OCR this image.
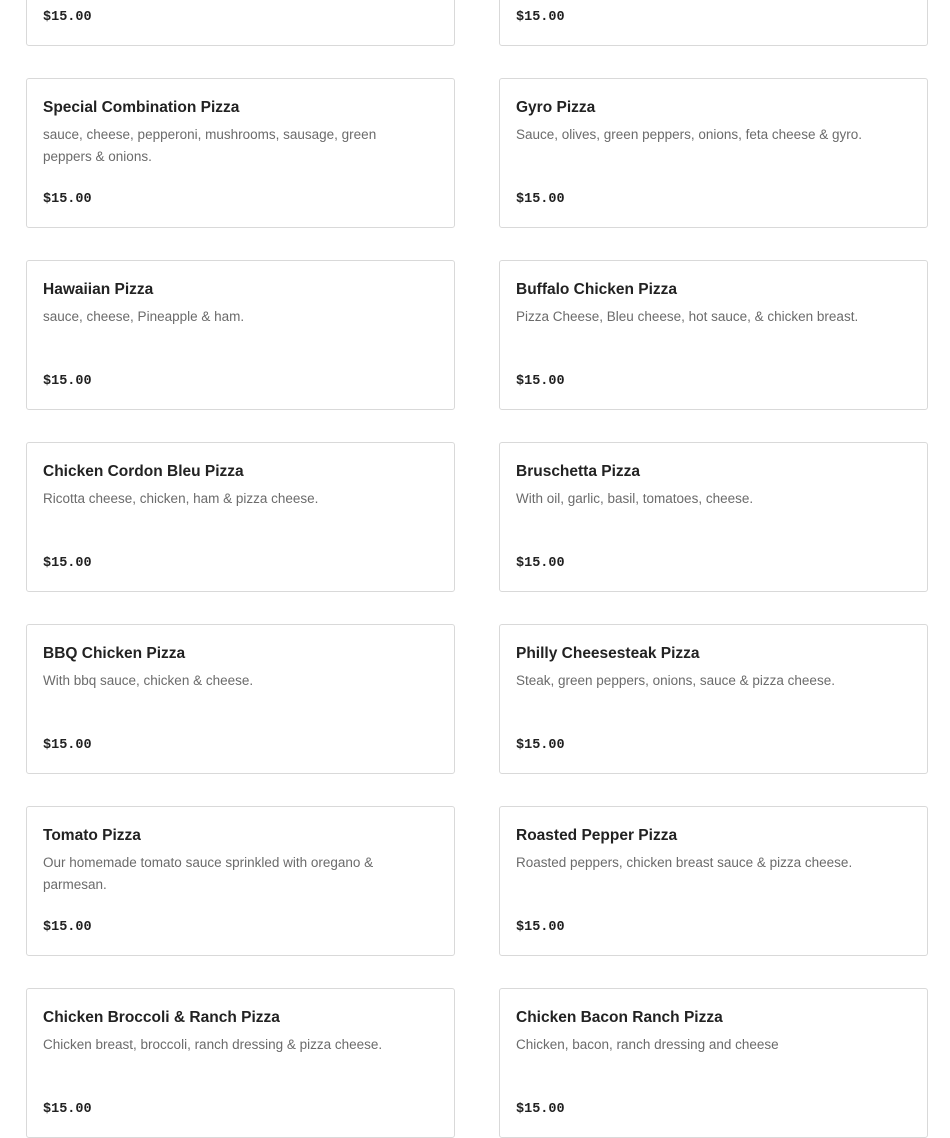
$15.00	$15.00
Special Combination Pizza
sauce, cheese, pepperoni, mushrooms, sausage, green peppers & onions.
$15.00
Gyro Pizza
Sauce, olives, green peppers, onions, feta cheese & gyro.
$15.00
Hawaiian Pizza
sauce, cheese, Pineapple & ham.
$15.00
Buffalo Chicken Pizza
Pizza Cheese, Bleu cheese, hot sauce, & chicken breast.
$15.00
Chicken Cordon Bleu Pizza
Ricotta cheese, chicken, ham & pizza cheese.
$15.00
Bruschetta Pizza
With oil, garlic, basil, tomatoes, cheese.
$15.00
BBQ Chicken Pizza
With bbq sauce, chicken & cheese.
$15.00
Philly Cheesesteak Pizza
Steak, green peppers, onions, sauce & pizza cheese.
$15.00
Tomato Pizza
Our homemade tomato sauce sprinkled with oregano & parmesan.
$15.00
Roasted Pepper Pizza
Roasted peppers, chicken breast sauce & pizza cheese.
$15.00
Chicken Broccoli & Ranch Pizza
Chicken breast, broccoli, ranch dressing & pizza cheese.
$15.00
Chicken Bacon Ranch Pizza
Chicken, bacon, ranch dressing and cheese
$15.00
